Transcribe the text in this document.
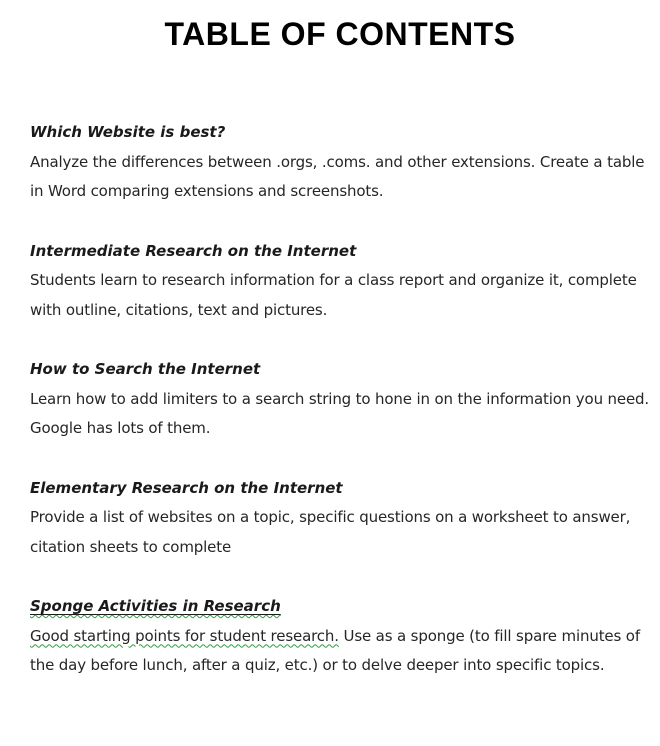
TABLE OF CONTENTS
Which Website is best?
Analyze the differences between .orgs, .coms. and other extensions. Create a table in Word comparing extensions and screenshots.
Intermediate Research on the Internet
Students learn to research information for a class report and organize it, complete with outline, citations, text and pictures.
How to Search the Internet
Learn how to add limiters to a search string to hone in on the information you need. Google has lots of them.
Elementary Research on the Internet
Provide a list of websites on a topic, specific questions on a worksheet to answer, citation sheets to complete
Sponge Activities in Research
Good starting points for student research. Use as a sponge (to fill spare minutes of the day before lunch, after a quiz, etc.) or to delve deeper into specific topics.
